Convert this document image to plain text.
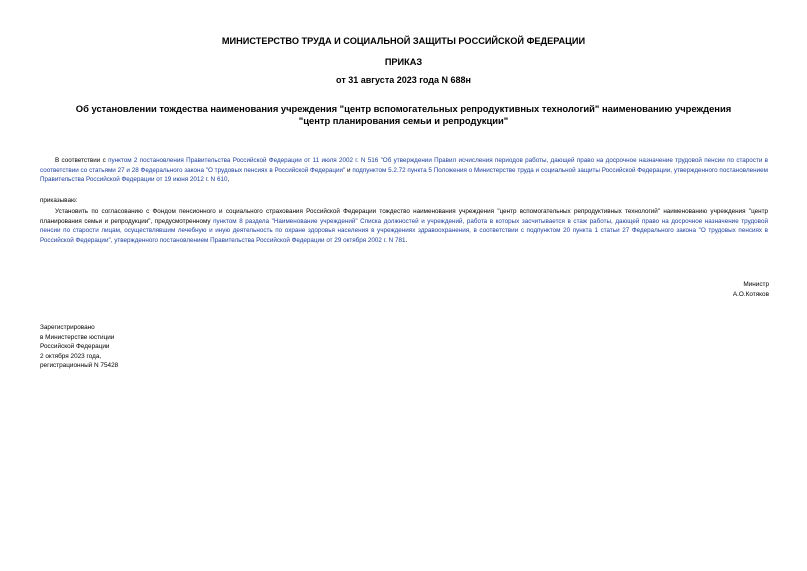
МИНИСТЕРСТВО ТРУДА И СОЦИАЛЬНОЙ ЗАЩИТЫ РОССИЙСКОЙ ФЕДЕРАЦИИ
ПРИКАЗ
от 31 августа 2023 года N 688н
Об установлении тождества наименования учреждения "центр вспомогательных репродуктивных технологий" наименованию учреждения "центр планирования семьи и репродукции"
В соответствии с пунктом 2 постановления Правительства Российской Федерации от 11 июля 2002 г. N 516 "Об утверждении Правил исчисления периодов работы, дающей право на досрочное назначение трудовой пенсии по старости в соответствии со статьями 27 и 28 Федерального закона "О трудовых пенсиях в Российской Федерации" и подпунктом 5.2.72 пункта 5 Положения о Министерстве труда и социальной защиты Российской Федерации, утвержденного постановлением Правительства Российской Федерации от 19 июня 2012 г. N 610,
приказываю:
Установить по согласованию с Фондом пенсионного и социального страхования Российской Федерации тождество наименования учреждения "центр вспомогательных репродуктивных технологий" наименованию учреждения "центр планирования семьи и репродукции", предусмотренному пунктом 8 раздела "Наименование учреждений" Списка должностей и учреждений, работа в которых засчитывается в стаж работы, дающей право на досрочное назначение трудовой пенсии по старости лицам, осуществлявшим лечебную и иную деятельность по охране здоровья населения в учреждениях здравоохранения, в соответствии с подпунктом 20 пункта 1 статьи 27 Федерального закона "О трудовых пенсиях в Российской Федерации", утвержденного постановлением Правительства Российской Федерации от 29 октября 2002 г. N 781.
Министр
А.О.Котяков
Зарегистрировано
в Министерстве юстиции
Российской Федерации
2 октября 2023 года,
регистрационный N 75428
